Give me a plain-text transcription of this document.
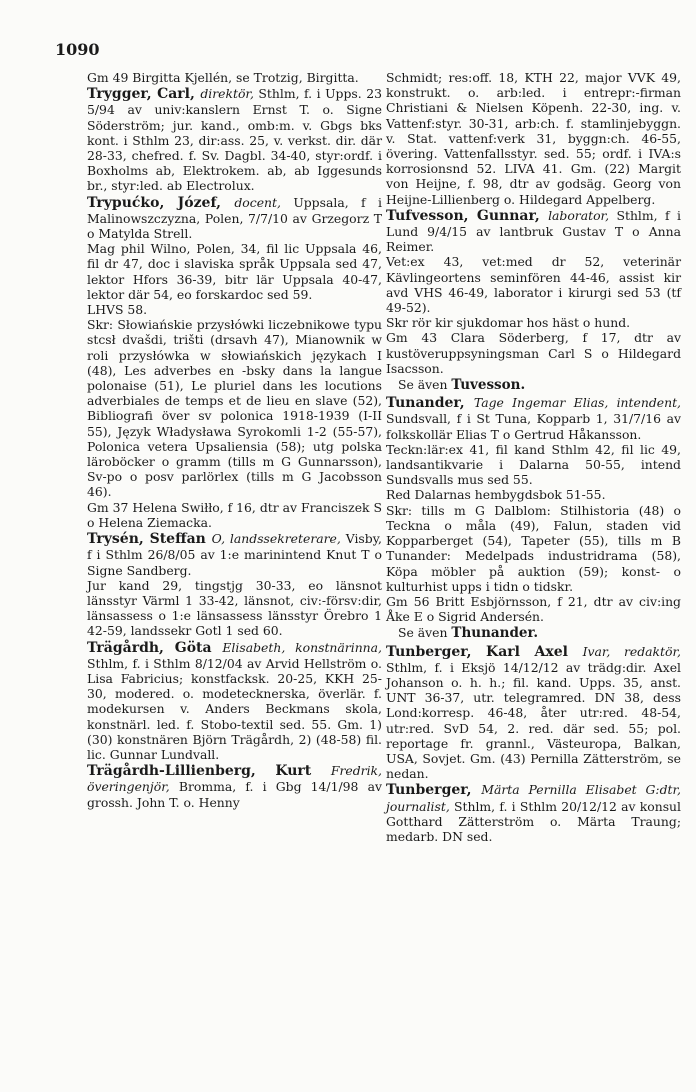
1090

Gm 49 Birgitta Kjellén, se Trotzig, Birgitta.

Trygger, Carl, direktör, Sthlm, f. i Upps. 23 5/94 av univ:kanslern Ernst T. o. Signe Söderström; jur. kand., omb:m. v. Gbgs bks kont. i Sthlm 23, dir:ass. 25, v. verkst. dir. där 28-33, chefred. f. Sv. Dagbl. 34-40, styr:ordf. i Boxholms ab, Elektrokem. ab, ab Iggesunds br., styr:led. ab Electrolux.

Trypućko, Józef, docent, Uppsala, f i Malinowszczyzna, Polen, 7/7/10 av Grzegorz T o Matylda Strell.

Mag phil Wilno, Polen, 34, fil lic Uppsala 46, fil dr 47, doc i slaviska språk Uppsala sed 47, lektor Hfors 36-39, bitr lär Uppsala 40-47, lektor där 54, eo forskardoc sed 59.

LHVS 58.

Skr: Słowiańskie przysłówki liczebnikowe typu stcsł dvašdi, trišti (drsavh 47), Mianownik w roli przysłówka w słowiańskich językach I (48), Les adverbes en -bsky dans la langue polonaise (51), Le pluriel dans les locutions adverbiales de temps et de lieu en slave (52), Bibliografi över sv polonica 1918-1939 (I-II 55), Język Władysława Syrokomli 1-2 (55-57), Polonica vetera Upsaliensia (58); utg polska läroböcker o gramm (tills m G Gunnarsson), Sv-po o posv parlörlex (tills m G Jacobsson 46).

Gm 37 Helena Swiłło, f 16, dtr av Franciszek S o Helena Ziemacka.

Trysén, Steffan O, landssekreterare, Visby, f i Sthlm 26/8/05 av 1:e marinintend Knut T o Signe Sandberg.

Jur kand 29, tingstjg 30-33, eo länsnot länsstyr Värml 1 33-42, länsnot, civ:-försv:dir, länsassess o 1:e länsassess länsstyr Örebro 1 42-59, landssekr Gotl 1 sed 60.

Trägårdh, Göta Elisabeth, konstnärinna, Sthlm, f. i Sthlm 8/12/04 av Arvid Hellström o. Lisa Fabricius; konstfacksk. 20-25, KKH 25-30, modered. o. modetecknerska, överlär. f. modekursen v. Anders Beckmans skola, konstnärl. led. f. Stobo-textil sed. 55. Gm. 1) (30) konstnären Björn Trägårdh, 2) (48-58) fil. lic. Gunnar Lundvall.

Trägårdh-Lillienberg, Kurt Fredrik, överingenjör, Bromma, f. i Gbg 14/1/98 av grossh. John T. o. Henny

Schmidt; res:off. 18, KTH 22, major VVK 49, konstrukt. o. arb:led. i entrepr:-firman Christiani & Nielsen Köpenh. 22-30, ing. v. Vattenf:styr. 30-31, arb:ch. f. stamlinjebyggn. v. Stat. vattenf:verk 31, byggn:ch. 46-55, övering. Vattenfallsstyr. sed. 55; ordf. i IVA:s korrosionsnd 52. LIVA 41. Gm. (22) Margit von Heijne, f. 98, dtr av godsäg. Georg von Heijne-Lillienberg o. Hildegard Appelberg.

Tufvesson, Gunnar, laborator, Sthlm, f i Lund 9/4/15 av lantbruk Gustav T o Anna Reimer.

Vet:ex 43, vet:med dr 52, veterinär Kävlingeortens seminfören 44-46, assist kir avd VHS 46-49, laborator i kirurgi sed 53 (tf 49-52).

Skr rör kir sjukdomar hos häst o hund.

Gm 43 Clara Söderberg, f 17, dtr av kustöveruppsyningsman Carl S o Hildegard Isacsson.

Se även Tuvesson.

Tunander, Tage Ingemar Elias, intendent, Sundsvall, f i St Tuna, Kopparb 1, 31/7/16 av folkskollär Elias T o Gertrud Håkansson.

Teckn:lär:ex 41, fil kand Sthlm 42, fil lic 49, landsantikvarie i Dalarna 50-55, intend Sundsvalls mus sed 55.

Red Dalarnas hembygdsbok 51-55.

Skr: tills m G Dalblom: Stilhistoria (48) o Teckna o måla (49), Falun, staden vid Kopparberget (54), Tapeter (55), tills m B Tunander: Medelpads industridrama (58), Köpa möbler på auktion (59); konst- o kulturhist upps i tidn o tidskr.

Gm 56 Britt Esbjörnsson, f 21, dtr av civ:ing Åke E o Sigrid Andersén.

Se även Thunander.

Tunberger, Karl Axel Ivar, redaktör, Sthlm, f. i Eksjö 14/12/12 av trädg:dir. Axel Johanson o. h. h.; fil. kand. Upps. 35, anst. UNT 36-37, utr. telegramred. DN 38, dess Lond:korresp. 46-48, åter utr:red. 48-54, utr:red. SvD 54, 2. red. där sed. 55; pol. reportage fr. grannl., Västeuropa, Balkan, USA, Sovjet. Gm. (43) Pernilla Zätterström, se nedan.

Tunberger, Märta Pernilla Elisabet G:dtr, journalist, Sthlm, f. i Sthlm 20/12/12 av konsul Gotthard Zätterström o. Märta Traung; medarb. DN sed.
